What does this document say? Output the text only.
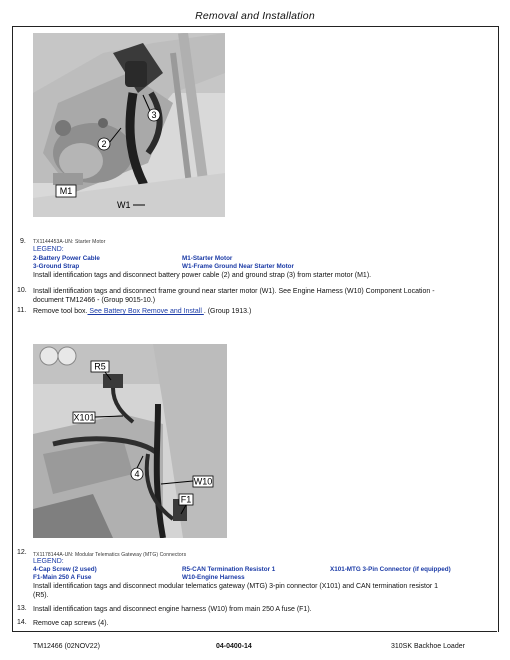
Removal and Installation
3
2
M1
W1
TX1144453A-UN: Starter Motor
9.
LEGEND:
2-Battery Power Cable
3-Ground Strap
M1-Starter Motor
W1-Frame Ground Near Starter Motor
Install identification tags and disconnect battery power cable (2) and ground strap (3) from starter motor (M1).
10. Install identification tags and disconnect frame ground near starter motor (W1). See Engine Harness (W10) Component Location -
document TM12466 - (Group 9015-10.)
11. Remove tool box. See Battery Box Remove and Install . (Group 1913.)
R5
X101
4
W10
F1
TX1178144A-UN: Modular Telematics Gateway (MTG) Connectors
12.
LEGEND:
4-Cap Screw (2 used)
F1-Main 250 A Fuse
R5-CAN Termination Resistor 1
W10-Engine Harness
X101-MTG 3-Pin Connector (if equipped)
Install identification tags and disconnect modular telematics gateway (MTG) 3-pin connector (X101) and CAN termination resistor 1
(R5).
13. Install identification tags and disconnect engine harness (W10) from main 250 A fuse (F1).
14. Remove cap screws (4).
TM12466 (02NOV22)	04-0400-14	310SK Backhoe Loader
